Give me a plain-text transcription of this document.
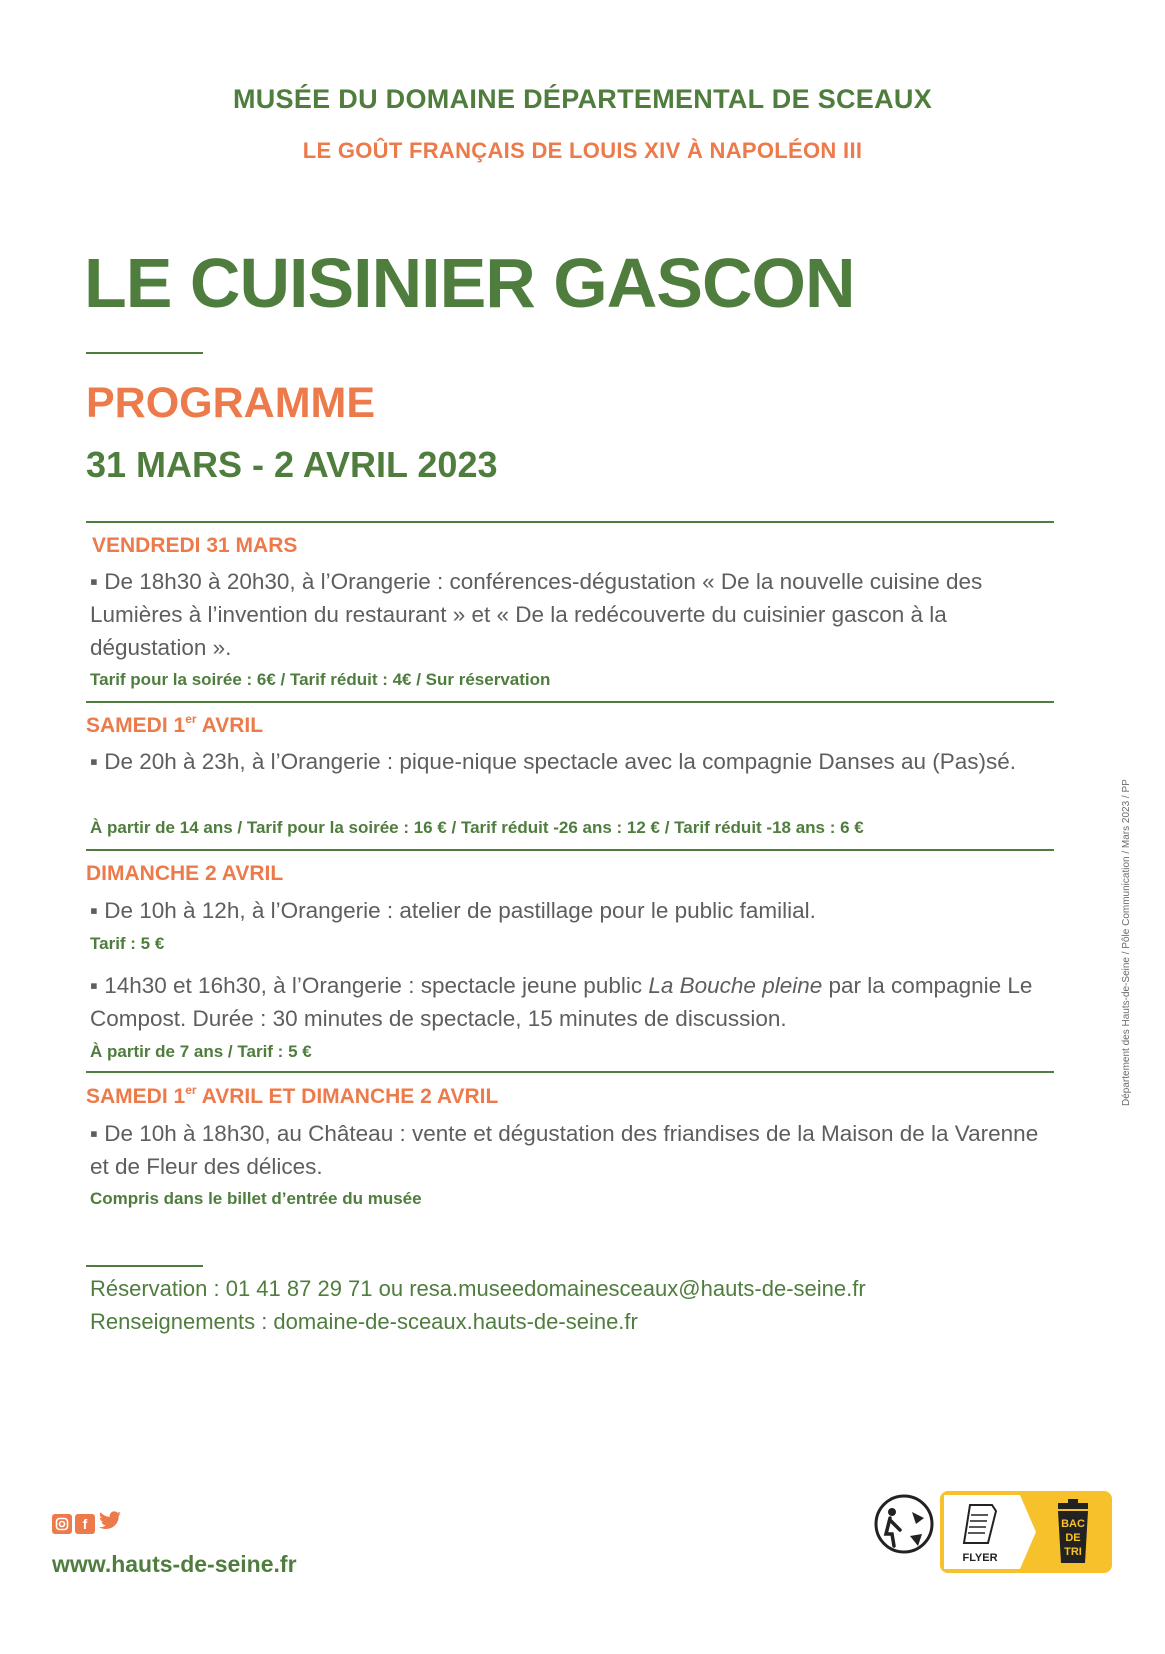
MUSÉE DU DOMAINE DÉPARTEMENTAL DE SCEAUX
LE GOÛT FRANÇAIS DE LOUIS XIV À NAPOLÉON III
LE CUISINIER GASCON
PROGRAMME
31 MARS - 2 AVRIL 2023
VENDREDI 31 MARS
▪ De 18h30 à 20h30, à l’Orangerie : conférences-dégustation « De la nouvelle cuisine des Lumières à l’invention du restaurant » et « De la redécouverte du cuisinier gascon à la dégustation ».
Tarif pour la soirée : 6€ / Tarif réduit : 4€ / Sur réservation
SAMEDI 1er AVRIL
▪ De 20h à 23h, à l’Orangerie : pique-nique spectacle avec la compagnie Danses au (Pas)sé.
À partir de 14 ans / Tarif pour la soirée : 16 € / Tarif réduit -26 ans : 12 € / Tarif réduit -18 ans : 6 €
DIMANCHE 2 AVRIL
▪ De 10h à 12h, à l’Orangerie : atelier de pastillage pour le public familial.
Tarif : 5 €
▪ 14h30 et 16h30, à l’Orangerie : spectacle jeune public La Bouche pleine par la compagnie Le Compost. Durée : 30 minutes de spectacle, 15 minutes de discussion.
À partir de 7 ans / Tarif : 5 €
SAMEDI 1er AVRIL ET DIMANCHE 2 AVRIL
▪ De 10h à 18h30, au Château : vente et dégustation des friandises de la Maison de la Varenne et de Fleur des délices.
Compris dans le billet d’entrée du musée
Réservation : 01 41 87 29 71 ou resa.museedomainesceaux@hauts-de-seine.fr
Renseignements : domaine-de-sceaux.hauts-de-seine.fr
Département des Hauts-de-Seine / Pôle Communication / Mars 2023 / PP
f
www.hauts-de-seine.fr	FLYER
BAC
DE
TRI
